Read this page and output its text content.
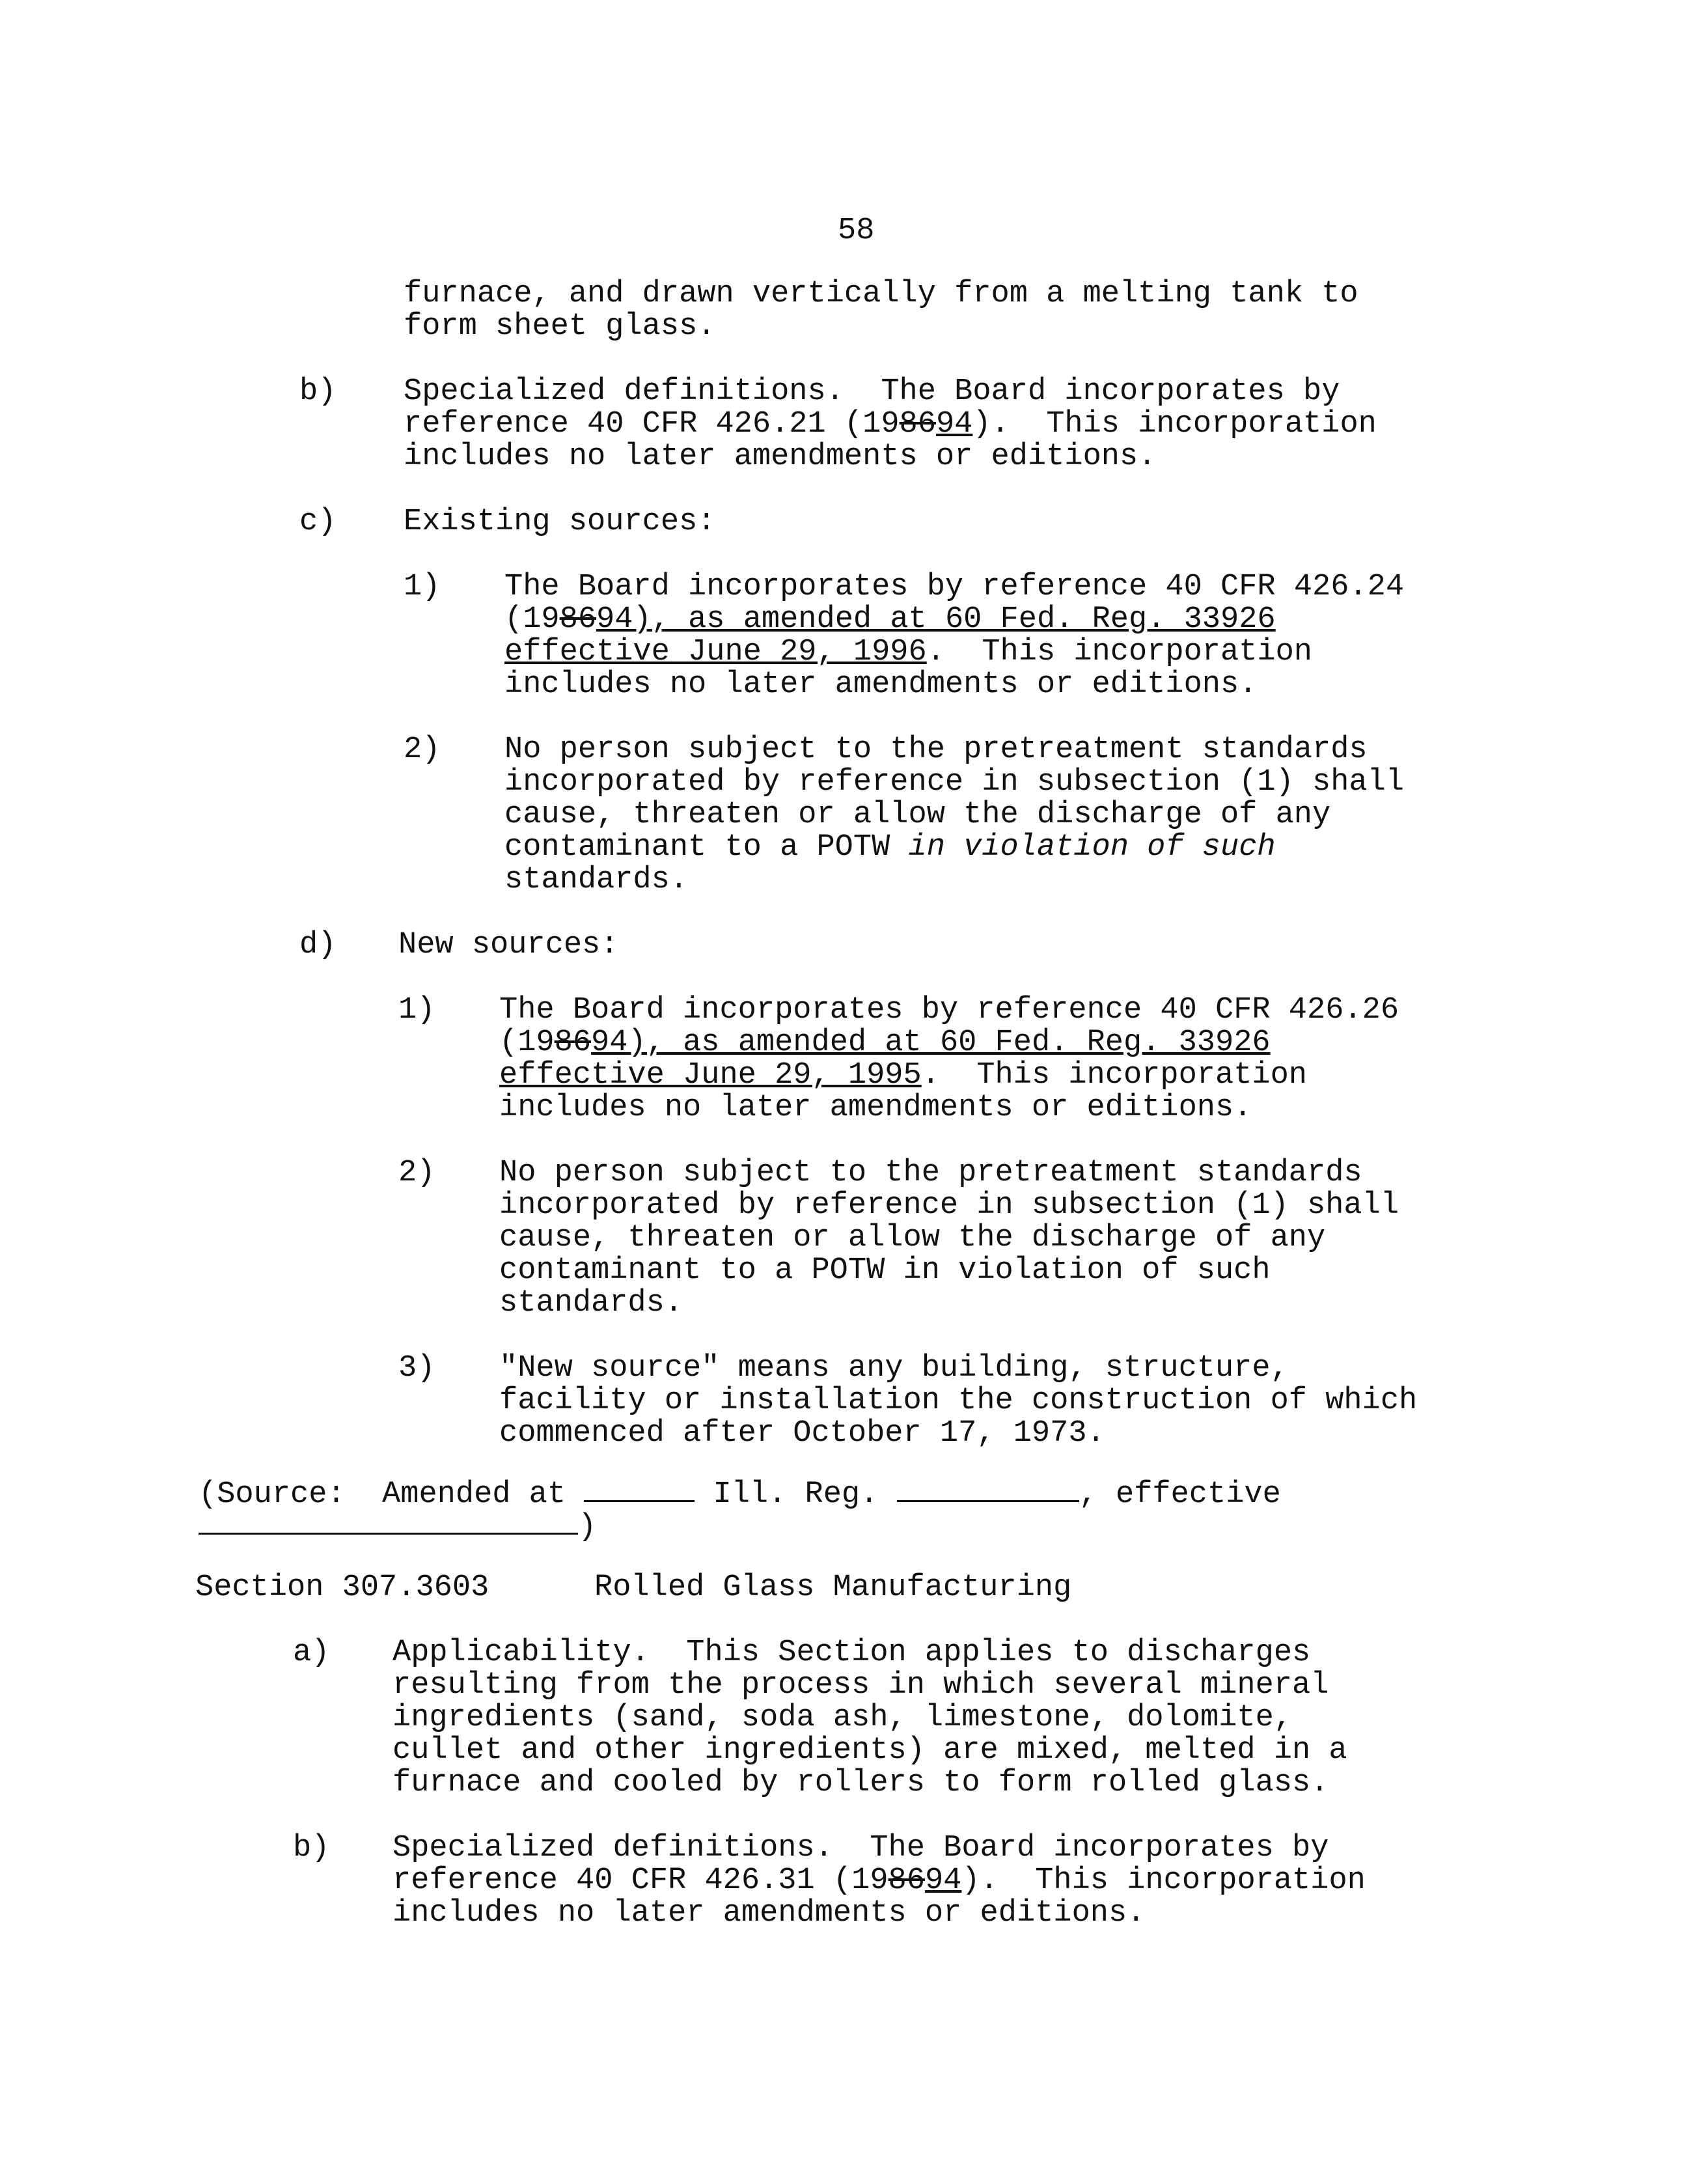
58
furnace, and drawn vertically from a melting tank to
form sheet glass.
b) Specialized definitions.  The Board incorporates by
reference 40 CFR 426.21 (198694).  This incorporation
includes no later amendments or editions.
c) Existing sources:
1) The Board incorporates by reference 40 CFR 426.24
(198694), as amended at 60 Fed. Reg. 33926
effective June 29, 1996.  This incorporation
includes no later amendments or editions.
2) No person subject to the pretreatment standards
incorporated by reference in subsection (1) shall
cause, threaten or allow the discharge of any
contaminant to a POTW in violation of such
standards.
d) New sources:
1) The Board incorporates by reference 40 CFR 426.26
(198694), as amended at 60 Fed. Reg. 33926
effective June 29, 1995.  This incorporation
includes no later amendments or editions.
2) No person subject to the pretreatment standards
incorporated by reference in subsection (1) shall
cause, threaten or allow the discharge of any
contaminant to a POTW in violation of such
standards.
3) "New source" means any building, structure,
facility or installation the construction of which
commenced after October 17, 1973.
(Source:  Amended at	Ill. Reg.	, effective
)
Section 307.3603	Rolled Glass Manufacturing
a) Applicability.  This Section applies to discharges
resulting from the process in which several mineral
ingredients (sand, soda ash, limestone, dolomite,
cullet and other ingredients) are mixed, melted in a
furnace and cooled by rollers to form rolled glass.
b) Specialized definitions.  The Board incorporates by
reference 40 CFR 426.31 (198694).  This incorporation
includes no later amendments or editions.
